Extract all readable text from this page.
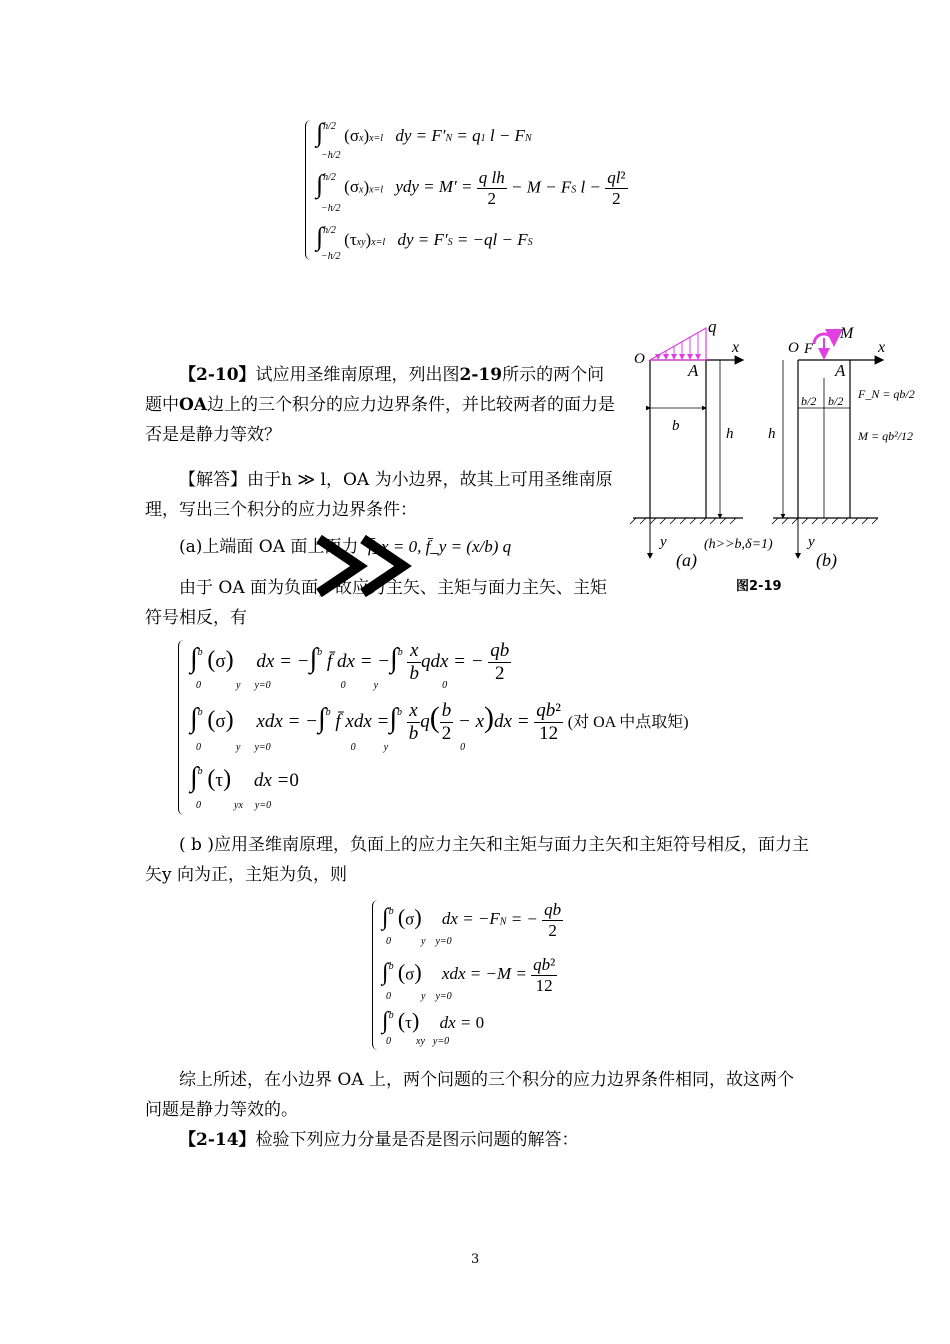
∫$^{h/2}$ (σx)x=l dy = F′N = q1 l − FN
−h/2
∫$^{h/2}$ (σx)x=l ydy = $M' = \frac{\text{q lh}}{2} - M$ − FS $l - \frac{\text{ql²}}{2}$
−h/2
∫$^{h/2}$ (τxy)x=l dy = F′S = −ql − FS
−h/2
【2-10】试应用圣维南原理，列出图2-19所示的两个问题中OA边上的三个积分的应力边界条件，并比较两者的面力是否是是静力等效？
【解答】由于h ≫ l，OA 为小边界，故其上可用圣维南原理，写出三个积分的应力边界条件：
(a)上端面 OA 面上面力 f̄_x = 0, f̄_y = (x/b) q
由于 OA 面为负面，故应力主矢、主矩与面力主矢、主矩符号相反，有
∫$^b$ (σ) dx = −∫$^b$ f̄ dx = $-\int^b \frac{x}{b}$ qdx = − $\frac{qb}{2}$
0	y y=0	0	y	0
∫$^b$ (σ) xdx = −∫$^b$ f̄ xdx $=\int^b \frac{x}{b} q( \frac{b}{2} - x)dx = \frac{\text{qb²}}{12}$ (对 OA 中点取矩)
0	y y=0	0	y	0
∫$^b$ (τ) dx =0
0	yx y=0
( b )应用圣维南原理，负面上的应力主矢和主矩与面力主矢和主矩符号相反，面力主矢y 向为正，主矩为负，则
∫$^b$ (σ) dx = −FN = − $\frac{qb}{2}$
0	y y=0
∫$^b$ (σ) xdx = $-M = \frac{\text{qb²}}{12}$
0	y y=0
∫$^b$ (τ) dx = 0
0	xy y=0
综上所述，在小边界 OA 上，两个问题的三个积分的应力边界条件相同，故这两个问题是静力等效的。
【2-14】检验下列应力分量是否是图示问题的解答：
q
O
x
A
b	h
y
(a)
(h>>b,δ=1)
M
O F	x
A
b/2 b/2
h
y
(b)
F_N = qb/2
M = qb²/12
图2-19
3
